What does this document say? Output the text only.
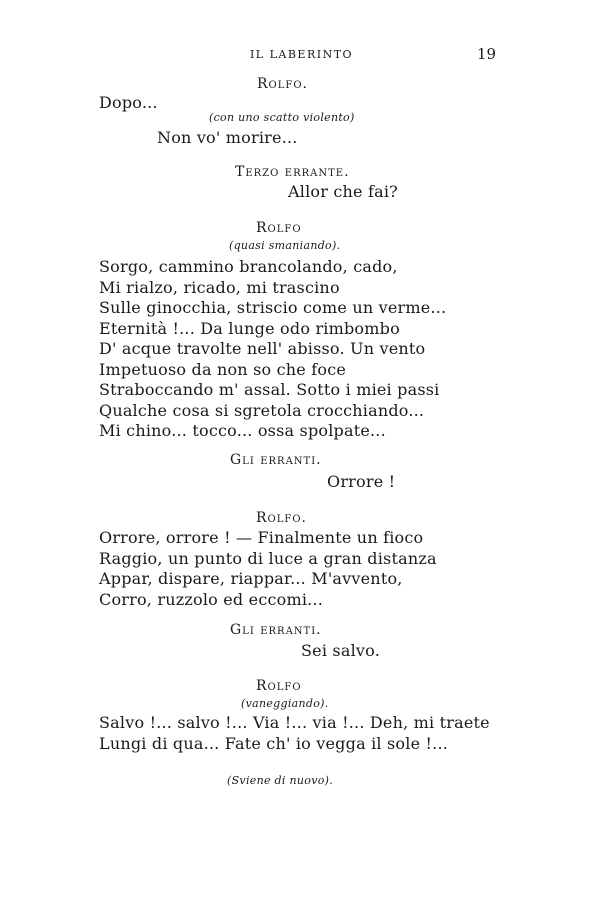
IL LABERINTO	19
Rolfo.
Dopo...
(con uno scatto violento)
Non vo' morire...
Terzo errante.
Allor che fai?
Rolfo
(quasi smaniando).
Sorgo, cammino brancolando, cado,
Mi rialzo, ricado, mi trascino
Sulle ginocchia, striscio come un verme...
Eternità !... Da lunge odo rimbombo
D' acque travolte nell' abisso. Un vento
Impetuoso da non so che foce
Straboccando m' assal. Sotto i miei passi
Qualche cosa si sgretola crocchiando...
Mi chino... tocco... ossa spolpate...
Gli erranti.
Orrore !
Rolfo.
Orrore, orrore ! — Finalmente un fioco
Raggio, un punto di luce a gran distanza
Appar, dispare, riappar... M'avvento,
Corro, ruzzolo ed eccomi...
Gli erranti.
Sei salvo.
Rolfo
(vaneggiando).
Salvo !... salvo !... Via !... via !... Deh, mi traete
Lungi di qua... Fate ch' io vegga il sole !...
(Sviene di nuovo).
